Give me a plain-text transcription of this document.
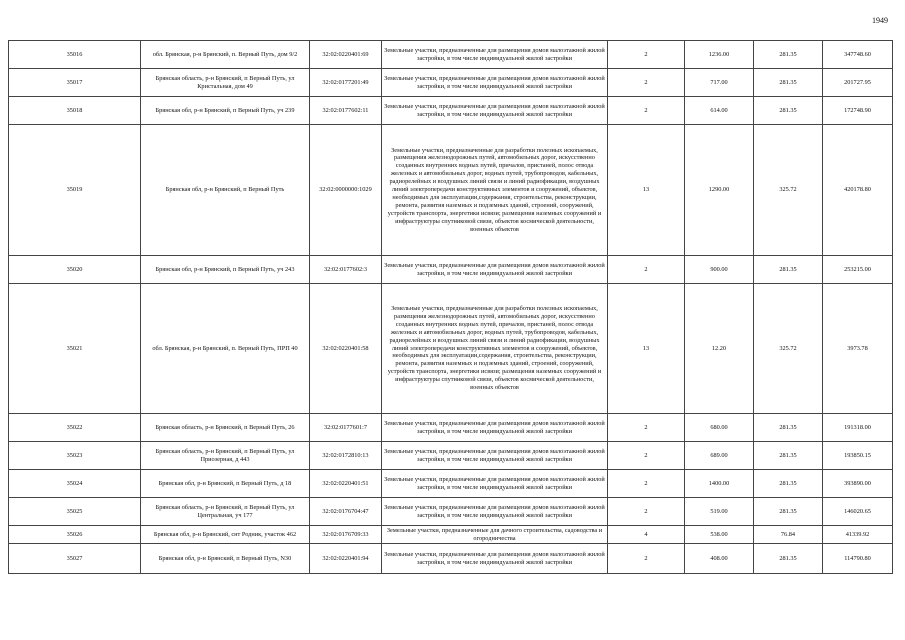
1949
35016	обл. Брянская, р-н Брянский, п. Верный Путь, дом 9/2	32:02:0220401:69	Земельные участки, предназначенные для размещения домов малоэтажной жилой застройки, в том числе индивидуальной жилой застройки	2	1236.00	281.35	347748.60
35017	Брянская область, р-н Брянский, п Верный Путь, ул Кристальная, дом 49	32:02:0177201:49	Земельные участки, предназначенные для размещения домов малоэтажной жилой застройки, в том числе индивидуальной жилой застройки	2	717.00	281.35	201727.95
35018	Брянская обл, р-н Брянский, п Верный Путь, уч 239	32:02:0177602:11	Земельные участки, предназначенные для размещения домов малоэтажной жилой застройки, в том числе индивидуальной жилой застройки	2	614.00	281.35	172748.90
35019	Брянская обл, р-н Брянский, п Верный Путь	32:02:0000000:1029	Земельные участки, предназначенные для разработки полезных ископаемых, размещения железнодорожных путей, автомобильных дорог, искусственно созданных внутренних водных путей, причалов, пристаней, полос отвода железных и автомобильных дорог, водных путей, трубопроводов, кабельных, радиорелейных и воздушных линий связи и линий радиофикации, воздушных линий электропередачи конструктивных элементов и сооружений, объектов, необходимых для эксплуатации,содержания, строительства, реконструкции, ремонта, развития наземных и подземных зданий, строений, сооружений, устройств транспорта, энергетики исвязи; размещения наземных сооружений и инфраструктуры спутниковой связи, объектов космической деятельности, военных объектов	13	1290.00	325.72	420178.80
35020	Брянская обл, р-н Брянский, п Верный Путь, уч 243	32:02:0177602:3	Земельные участки, предназначенные для размещения домов малоэтажной жилой застройки, в том числе индивидуальной жилой застройки	2	900.00	281.35	253215.00
35021	обл. Брянская, р-н Брянский, п. Верный Путь, ПРП 40	32:02:0220401:58	Земельные участки, предназначенные для разработки полезных ископаемых, размещения железнодорожных путей, автомобильных дорог, искусственно созданных внутренних водных путей, причалов, пристаней, полос отвода железных и автомобильных дорог, водных путей, трубопроводов, кабельных, радиорелейных и воздушных линий связи и линий радиофикации, воздушных линий электропередачи конструктивных элементов и сооружений, объектов, необходимых для эксплуатации,содержания, строительства, реконструкции, ремонта, развития наземных и подземных зданий, строений, сооружений, устройств транспорта, энергетики исвязи; размещения наземных сооружений и инфраструктуры спутниковой связи, объектов космической деятельности, военных объектов	13	12.20	325.72	3973.78
35022	Брянская область, р-н Брянский, п Верный Путь, 26	32:02:0177601:7	Земельные участки, предназначенные для размещения домов малоэтажной жилой застройки, в том числе индивидуальной жилой застройки	2	680.00	281.35	191318.00
35023	Брянская область, р-н Брянский, п Верный Путь, ул Приозерная, д 443	32:02:0172810:13	Земельные участки, предназначенные для размещения домов малоэтажной жилой застройки, в том числе индивидуальной жилой застройки	2	689.00	281.35	193850.15
35024	Брянская обл, р-н Брянский, п Верный Путь, д 18	32:02:0220401:51	Земельные участки, предназначенные для размещения домов малоэтажной жилой застройки, в том числе индивидуальной жилой застройки	2	1400.00	281.35	393890.00
35025	Брянская область, р-н Брянский, п Верный Путь, ул Центральная, уч 177	32:02:0176704:47	Земельные участки, предназначенные для размещения домов малоэтажной жилой застройки, в том числе индивидуальной жилой застройки	2	519.00	281.35	146020.65
35026	Брянская обл, р-н Брянский, снт Родник, участок 462	32:02:0176709:33	Земельные участки, предназначенные для дачного строительства, садоводства и огородничества	4	538.00	76.84	41339.92
35027	Брянская обл, р-н Брянский, п Верный Путь, N30	32:02:0220401:94	Земельные участки, предназначенные для размещения домов малоэтажной жилой застройки, в том числе индивидуальной жилой застройки	2	408.00	281.35	114790.80
